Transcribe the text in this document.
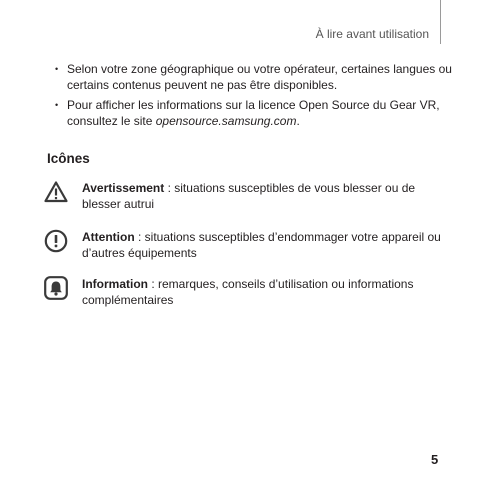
À lire avant utilisation
• Selon votre zone géographique ou votre opérateur, certaines langues ou certains contenus peuvent ne pas être disponibles.
• Pour afficher les informations sur la licence Open Source du Gear VR, consultez le site opensource.samsung.com.
Icônes
Avertissement : situations susceptibles de vous blesser ou de blesser autrui
Attention : situations susceptibles d’endommager votre appareil ou d’autres équipements
Information : remarques, conseils d’utilisation ou informations complémentaires
5
